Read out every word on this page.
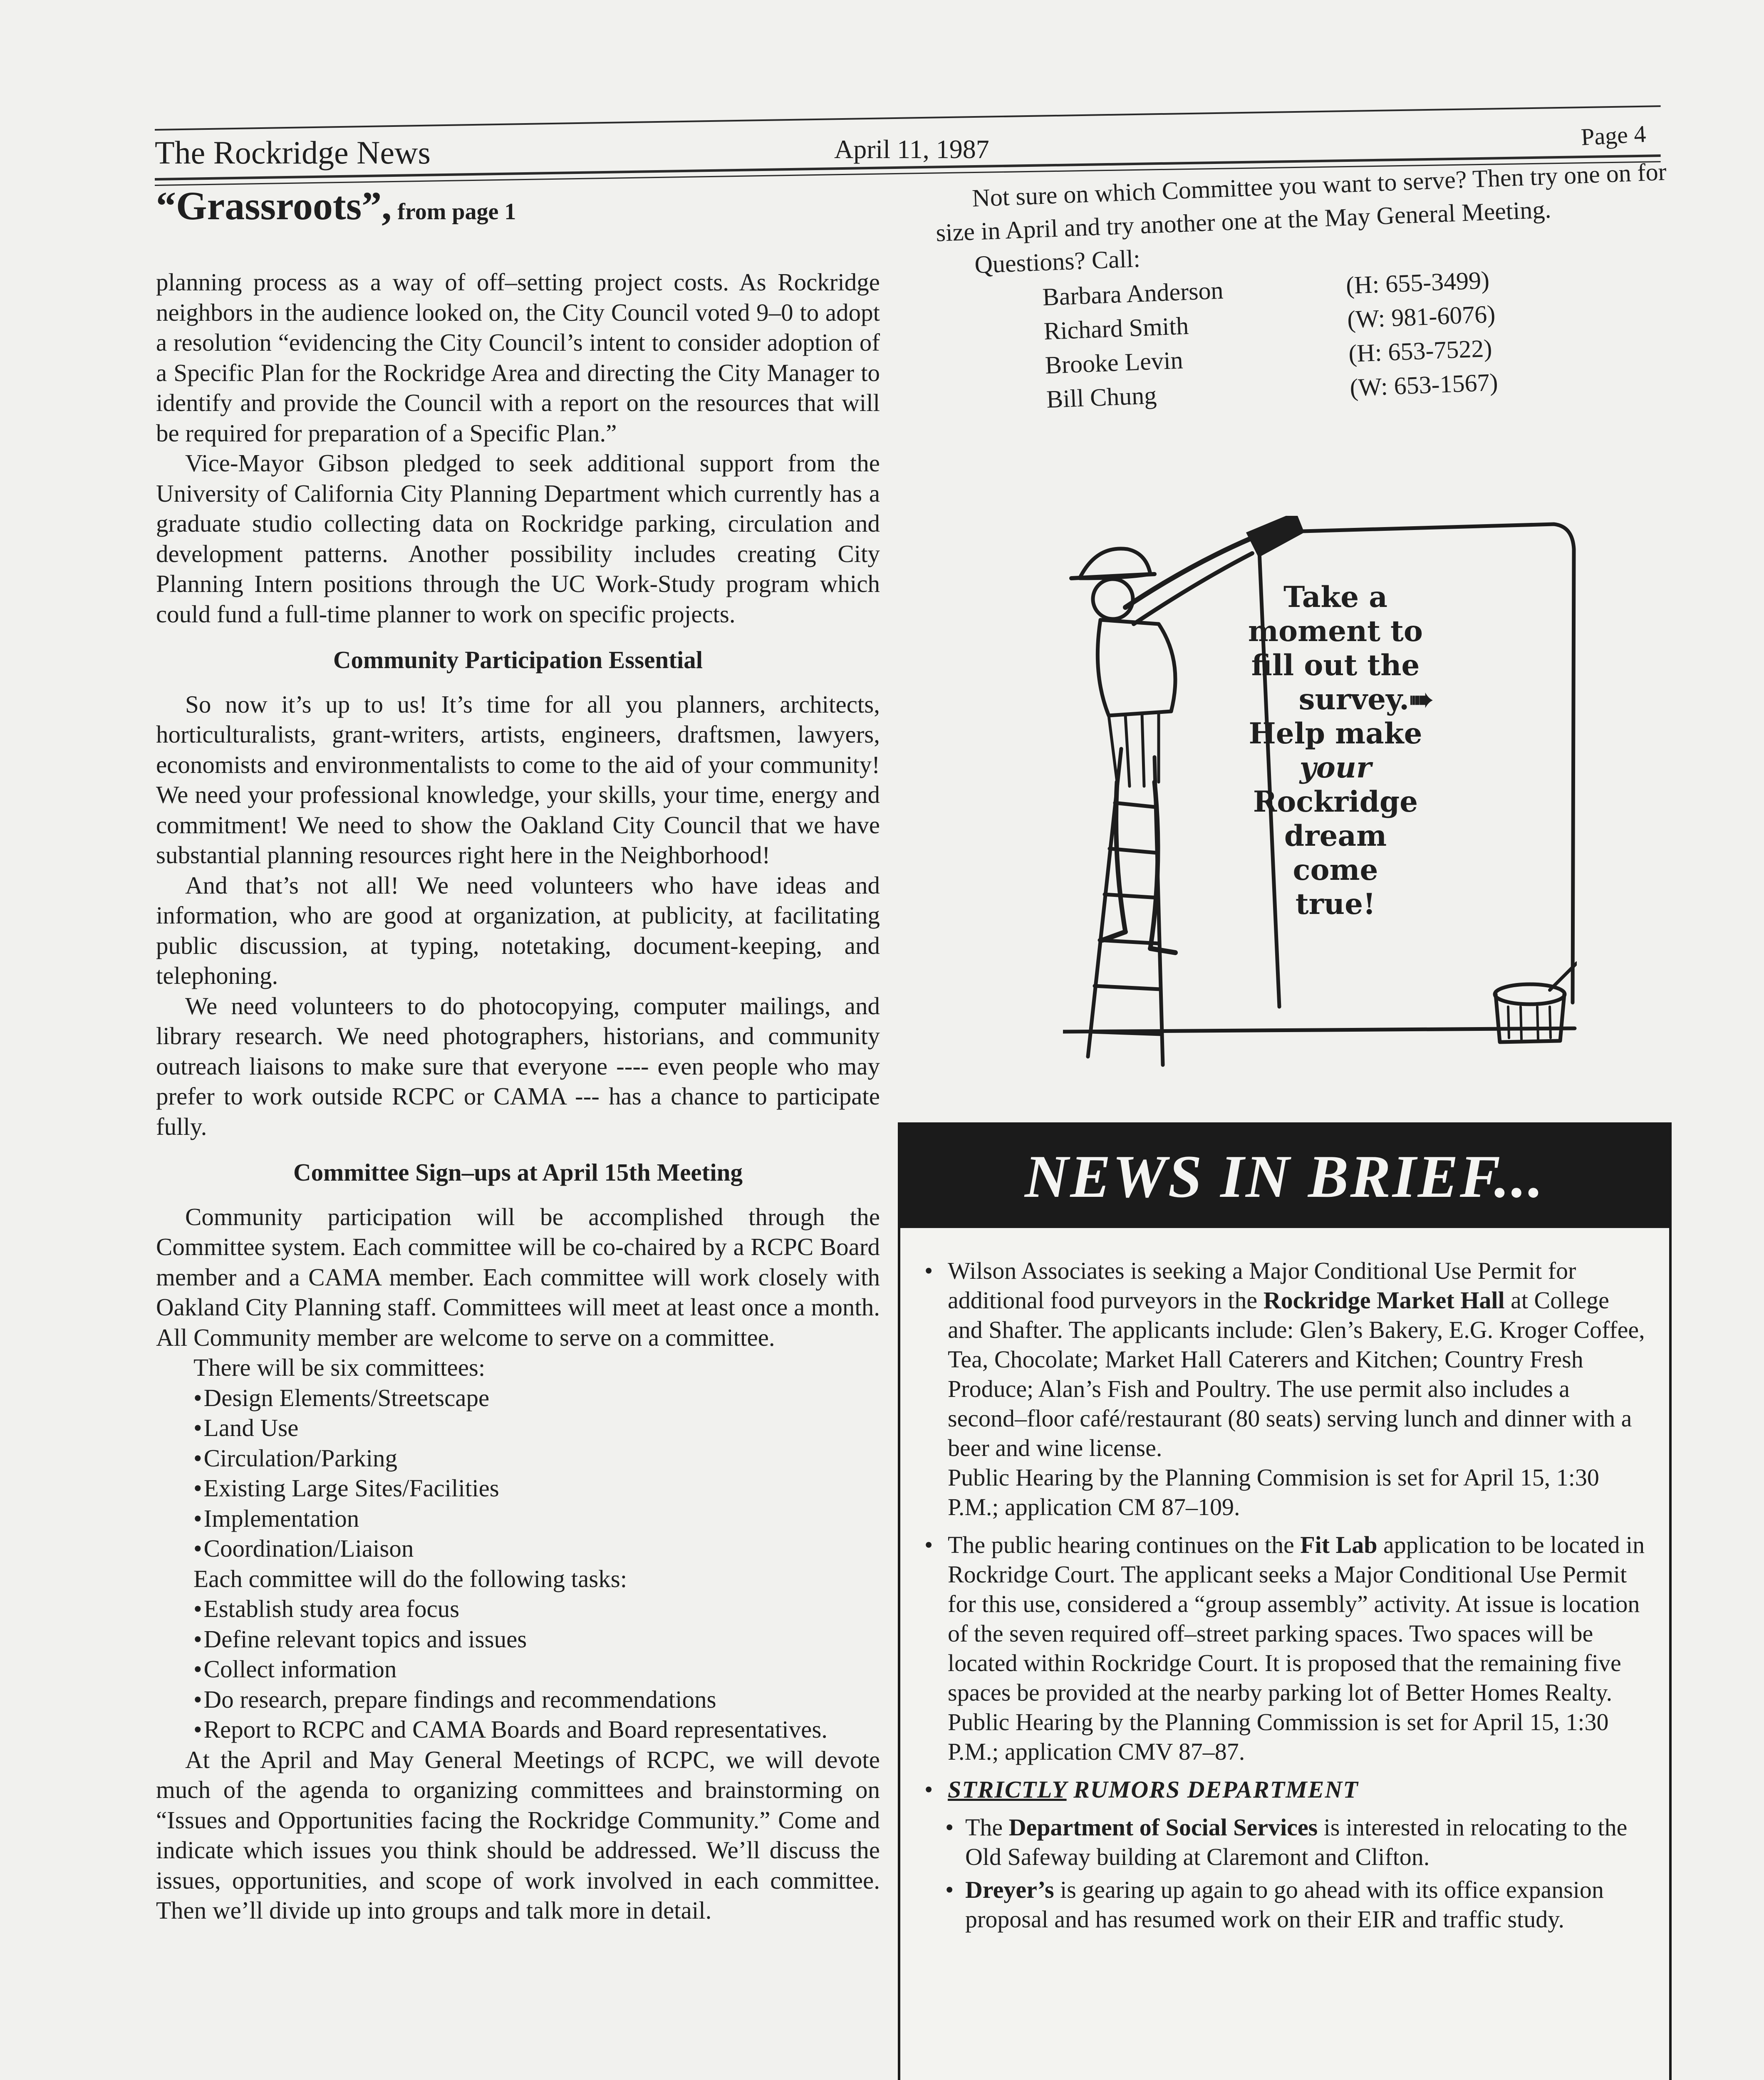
The Rockridge News	April 11, 1987	Page 4
“Grassroots”, from page 1

planning process as a way of off–setting project costs. As Rockridge neighbors in the audience looked on, the City Council voted 9–0 to adopt a resolution “evidencing the City Council’s intent to consider adoption of a Specific Plan for the Rockridge Area and directing the City Manager to identify and provide the Council with a report on the resources that will be required for preparation of a Specific Plan.”

Vice-Mayor Gibson pledged to seek additional support from the University of California City Planning Department which currently has a graduate studio collecting data on Rockridge parking, circulation and development patterns. Another possibility includes creating City Planning Intern positions through the UC Work-Study program which could fund a full-time planner to work on specific projects.

Community Participation Essential

So now it’s up to us! It’s time for all you planners, architects, horticulturalists, grant-writers, artists, engineers, draftsmen, lawyers, economists and environmentalists to come to the aid of your community! We need your professional knowledge, your skills, your time, energy and commitment! We need to show the Oakland City Council that we have substantial planning resources right here in the Neighborhood!

And that’s not all! We need volunteers who have ideas and information, who are good at organization, at publicity, at facilitating public discussion, at typing, notetaking, document-keeping, and telephoning.

We need volunteers to do photocopying, computer mailings, and library research. We need photographers, historians, and community outreach liaisons to make sure that everyone ---- even people who may prefer to work outside RCPC or CAMA --- has a chance to participate fully.

Committee Sign–ups at April 15th Meeting

Community participation will be accomplished through the Committee system. Each committee will be co-chaired by a RCPC Board member and a CAMA member. Each committee will work closely with Oakland City Planning staff. Committees will meet at least once a month. All Community member are welcome to serve on a committee.

There will be six committees:

• Design Elements/Streetscape
• Land Use
• Circulation/Parking
• Existing Large Sites/Facilities
• Implementation
• Coordination/Liaison

Each committee will do the following tasks:

• Establish study area focus
• Define relevant topics and issues
• Collect information
• Do research, prepare findings and recommendations
• Report to RCPC and CAMA Boards and Board representatives.

At the April and May General Meetings of RCPC, we will devote much of the agenda to organizing committees and brainstorming on “Issues and Opportunities facing the Rockridge Community.” Come and indicate which issues you think should be addressed. We’ll discuss the issues, opportunities, and scope of work involved in each committee. Then we’ll divide up into groups and talk more in detail.

Not sure on which Committee you want to serve? Then try one on for size in April and try another one at the May General Meeting.

Questions? Call:

Barbara Anderson	(H: 655-3499)
Richard Smith	(W: 981-6076)
Brooke Levin	(H: 653-7522)
Bill Chung	(W: 653-1567)

Take a

moment to

fill out the

survey.➠

Help make

your

Rockridge

dream come

true!

NEWS IN BRIEF...
• Wilson Associates is seeking a Major Conditional Use Permit for additional food purveyors in the Rockridge Market Hall at College and Shafter. The applicants include: Glen’s Bakery, E.G. Kroger Coffee, Tea, Chocolate; Market Hall Caterers and Kitchen; Country Fresh Produce; Alan’s Fish and Poultry. The use permit also includes a second–floor café/restaurant (80 seats) serving lunch and dinner with a beer and wine license.

Public Hearing by the Planning Commision is set for April 15, 1:30 P.M.; application CM 87–109.

• The public hearing continues on the Fit Lab application to be located in Rockridge Court. The applicant seeks a Major Conditional Use Permit for this use, considered a “group assembly” activity. At issue is location of the seven required off–street parking spaces. Two spaces will be located within Rockridge Court. It is proposed that the remaining five spaces be provided at the nearby parking lot of Better Homes Realty.

Public Hearing by the Planning Commission is set for April 15, 1:30 P.M.; application CMV 87–87.

• STRICTLY RUMORS DEPARTMENT

• The Department of Social Services is interested in relocating to the Old Safeway building at Claremont and Clifton.

• Dreyer’s is gearing up again to go ahead with its office expansion proposal and has resumed work on their EIR and traffic study.
